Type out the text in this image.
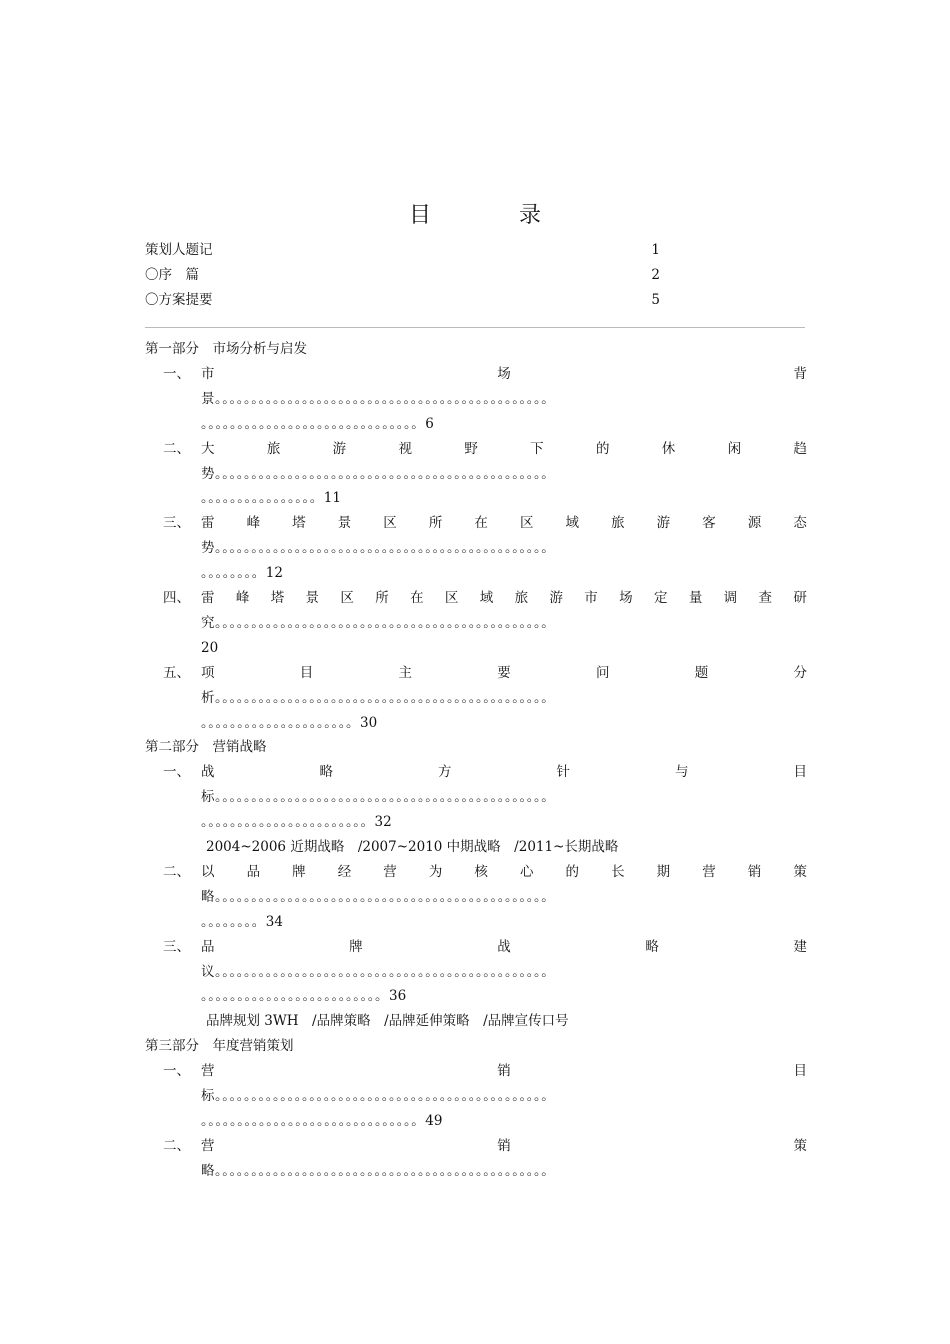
目	录
策划人题记	1
〇序　篇	2
〇方案提要	5
第一部分　市场分析与启发
一、 市	场	背
景。。。。。。。。。。。。。。。。。。。。。。。。。。。。。。。。。。。。。。。。。。。。。。
。。。。。。。。。。。。。。。。。。。。。。。。。。。。。。6
二、 大	旅	游	视	野	下	的	休	闲	趋
势。。。。。。。。。。。。。。。。。。。。。。。。。。。。。。。。。。。。。。。。。。。。。。
。。。。。。。。。。。。。。。。11
三、 雷 峰 塔 景 区 所 在 区 域 旅 游 客 源 态
势。。。。。。。。。。。。。。。。。。。。。。。。。。。。。。。。。。。。。。。。。。。。。。
。。。。。。。。12
四、 雷 峰 塔 景 区 所 在 区 域 旅 游 市 场 定 量 调 查 研
究。。。。。。。。。。。。。。。。。。。。。。。。。。。。。。。。。。。。。。。。。。。。。。
20
五、 项	目	主	要	问	题	分
析。。。。。。。。。。。。。。。。。。。。。。。。。。。。。。。。。。。。。。。。。。。。。。
。。。。。。。。。。。。。。。。。。。。。30
第二部分　营销战略
一、 战	略	方	针	与	目
标。。。。。。。。。。。。。。。。。。。。。。。。。。。。。。。。。。。。。。。。。。。。。。
。。。。。。。。。。。。。。。。。。。。。。。32
2004~2006 近期战略　/2007~2010 中期战略　/2011~长期战略
二、 以 品 牌 经 营 为 核 心 的 长 期 营 销 策
略。。。。。。。。。。。。。。。。。。。。。。。。。。。。。。。。。。。。。。。。。。。。。。
。。。。。。。。34
三、 品	牌	战	略	建
议。。。。。。。。。。。。。。。。。。。。。。。。。。。。。。。。。。。。。。。。。。。。。。
。。。。。。。。。。。。。。。。。。。。。。。。。36
品牌规划 3WH　/品牌策略　/品牌延伸策略　/品牌宣传口号
第三部分　年度营销策划
一、 营	销	目
标。。。。。。。。。。。。。。。。。。。。。。。。。。。。。。。。。。。。。。。。。。。。。。
。。。。。。。。。。。。。。。。。。。。。。。。。。。。。。49
二、 营	销	策
略。。。。。。。。。。。。。。。。。。。。。。。。。。。。。。。。。。。。。。。。。。。。。。
